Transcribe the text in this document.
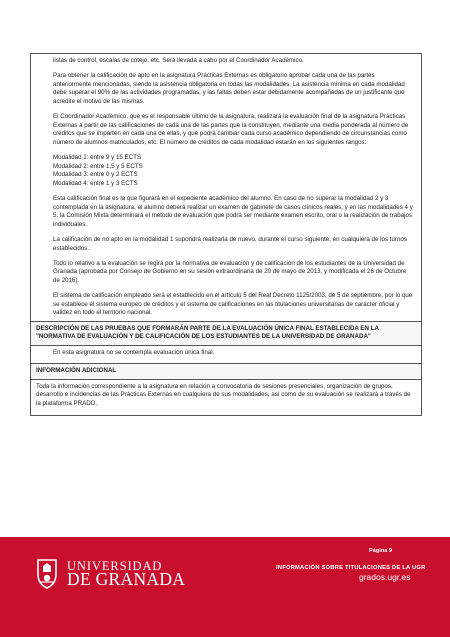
listas de control, escalas de cotejo, etc. Será llevada a cabo por el Coordinador Académico.

Para obtener la calificación de apto en la asignatura Prácticas Externas es obligatorio aprobar cada una de las partes anteriormente mencionadas, siendo la asistencia obligatoria en todas las modalidades. La asistencia mínima en cada modalidad debe superar el 90% de las actividades programadas, y las faltas deben estar debidamente acompañadas de un justificante que acredite el motivo de las mismas.

El Coordinador Académico, que es el responsable último de la asignatura, realizará la evaluación final de la asignatura Prácticas Externas a partir de las calificaciones de cada una de las partes que la constituyen, mediante una media ponderada al número de créditos que se imparten en cada una de ellas, y que podrá cambiar cada curso académico dependiendo de circunstancias como número de alumnos matriculados, etc. El número de créditos de cada modalidad estarán en los siguientes rangos:

Modalidad 1: entre 9 y 15 ECTS

Modalidad 2: entre 1,5 y 5 ECTS

Modalidad 3: entre 0 y 2 ECTS

Modalidad 4: entre 1 y 3 ECTS

Esta calificación final es la que figurará en el expediente académico del alumno. En caso de no superar la modalidad 2 y 3 contemplada en la asignatura, el alumno deberá realizar un examen de gabinete de casos clínicos reales, y en las modalidades 4 y 5, la Comisión Mixta determinará el método de evaluación que podrá ser mediante examen escrito, oral o la realización de trabajos individuales.

La calificación de no apto en la modalidad 1 supondrá realizarla de nuevo, durante el curso siguiente, en cualquiera de los turnos establecidos.

Todo lo relativo a la evaluación se regirá por la normativa de evaluación y de calificación de los estudiantes de la Universidad de Granada (aprobada por Consejo de Gobierno en su sesión extraordinaria de 20 de mayo de 2013, y modificada el 26 de Octubre de 2016).

El sistema de calificación empleado será el establecido en el artículo 5 del Real Decreto 1125/2003, de 5 de septiembre, por lo que se establece el sistema europeo de créditos y el sistema de calificaciones en las titulaciones universitarias de carácter oficial y validez en todo el territorio nacional.

DESCRIPCIÓN DE LAS PRUEBAS QUE FORMARÁN PARTE DE LA EVALUACIÓN ÚNICA FINAL ESTABLECIDA EN LA "NORMATIVA DE EVALUACIÓN Y DE CALIFICACIÓN DE LOS ESTUDIANTES DE LA UNIVERSIDAD DE GRANADA"
En esta asignatura no se contempla evaluación única final.
INFORMACIÓN ADICIONAL
Toda la información correspondiente a la asignatura en relación a convocatoria de sesiones presenciales, organización de grupos, desarrollo e incidencias de las Prácticas Externas en cualquiera de sus modalidades, así como de su evaluación se realizará a través de la plataforma PRADO.
UNIVERSIDAD
DE GRANADA
Página 9
INFORMACIÓN SOBRE TITULACIONES DE LA UGR
grados.ugr.es
